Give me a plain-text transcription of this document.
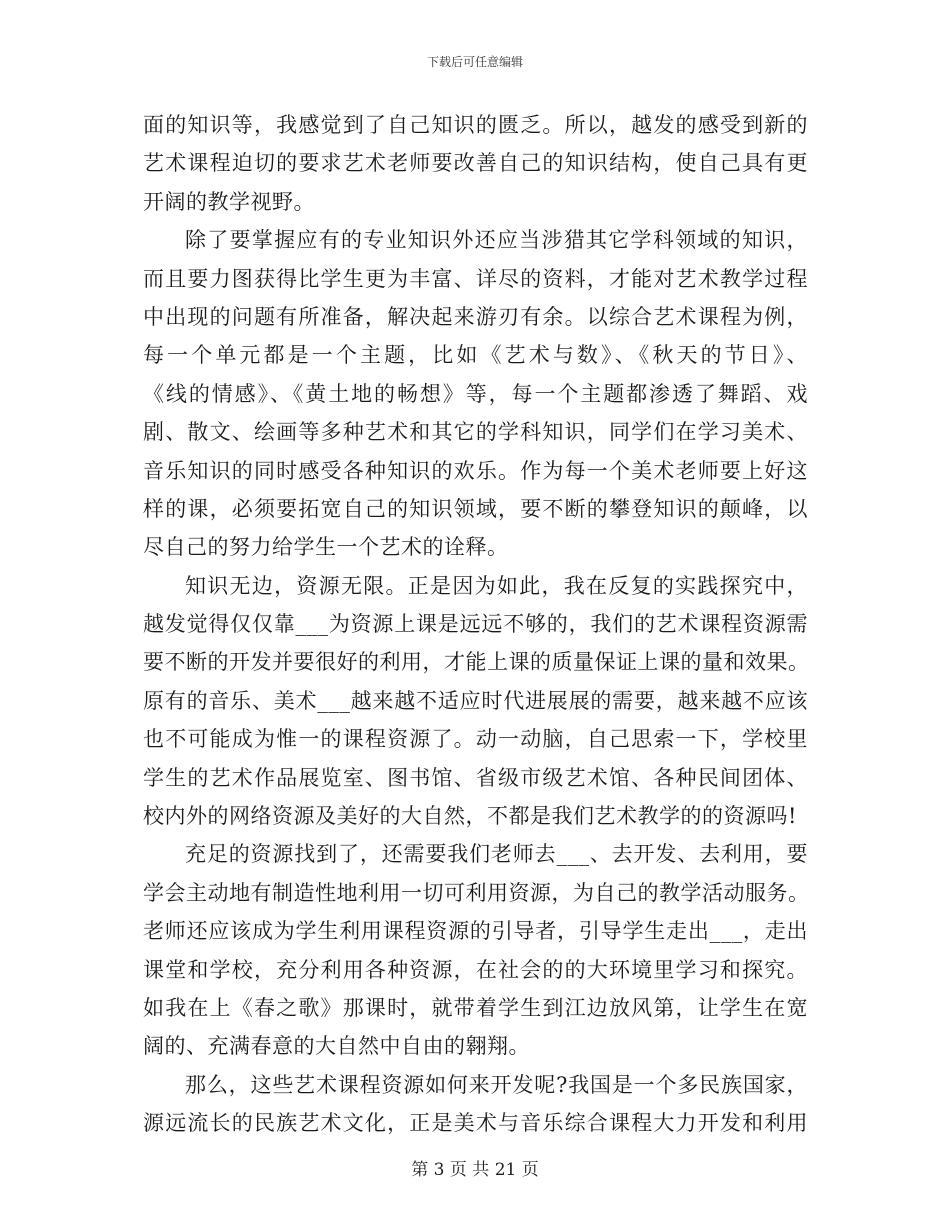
下载后可任意编辑
面的知识等，我感觉到了自己知识的匮乏。所以，越发的感受到新的
艺术课程迫切的要求艺术老师要改善自己的知识结构，使自己具有更
开阔的教学视野。
除了要掌握应有的专业知识外还应当涉猎其它学科领域的知识，
而且要力图获得比学生更为丰富、详尽的资料，才能对艺术教学过程
中出现的问题有所准备，解决起来游刃有余。以综合艺术课程为例，
每一个单元都是一个主题，比如《艺术与数》、《秋天的节日》、
《线的情感》、《黄土地的畅想》等，每一个主题都渗透了舞蹈、戏
剧、散文、绘画等多种艺术和其它的学科知识，同学们在学习美术、
音乐知识的同时感受各种知识的欢乐。作为每一个美术老师要上好这
样的课，必须要拓宽自己的知识领域，要不断的攀登知识的颠峰，以
尽自己的努力给学生一个艺术的诠释。
知识无边，资源无限。正是因为如此，我在反复的实践探究中，
越发觉得仅仅靠___为资源上课是远远不够的，我们的艺术课程资源需
要不断的开发并要很好的利用，才能上课的质量保证上课的量和效果。
原有的音乐、美术___越来越不适应时代进展展的需要，越来越不应该
也不可能成为惟一的课程资源了。动一动脑，自己思索一下，学校里
学生的艺术作品展览室、图书馆、省级市级艺术馆、各种民间团体、
校内外的网络资源及美好的大自然，不都是我们艺术教学的的资源吗!
充足的资源找到了，还需要我们老师去___、去开发、去利用，要
学会主动地有制造性地利用一切可利用资源，为自己的教学活动服务。
老师还应该成为学生利用课程资源的引导者，引导学生走出___，走出
课堂和学校，充分利用各种资源，在社会的的大环境里学习和探究。
如我在上《春之歌》那课时，就带着学生到江边放风第，让学生在宽
阔的、充满春意的大自然中自由的翱翔。
那么，这些艺术课程资源如何来开发呢?我国是一个多民族国家，
源远流长的民族艺术文化，正是美术与音乐综合课程大力开发和利用
第 3 页 共 21 页
